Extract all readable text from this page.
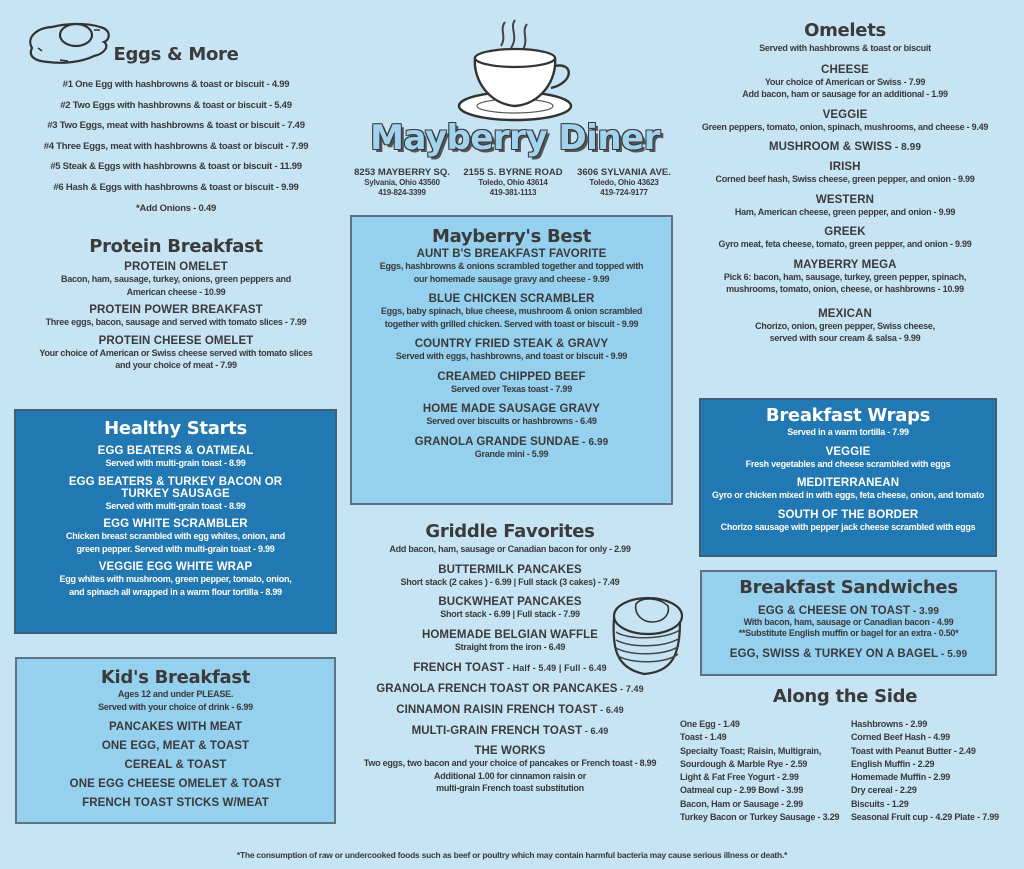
Eggs & More
#1 One Egg with hashbrowns & toast or biscuit - 4.99
#2 Two Eggs with hashbrowns & toast or biscuit - 5.49
#3 Two Eggs, meat with hashbrowns & toast or biscuit - 7.49
#4 Three Eggs, meat with hashbrowns & toast or biscuit - 7.99
#5 Steak & Eggs with hashbrowns & toast or biscuit - 11.99
#6 Hash & Eggs with hashbrowns & toast or biscuit - 9.99
*Add Onions - 0.49
Protein Breakfast
PROTEIN OMELET
Bacon, ham, sausage, turkey, onions, green peppers and
American cheese - 10.99
PROTEIN POWER BREAKFAST
Three eggs, bacon, sausage and served with tomato slices - 7.99
PROTEIN CHEESE OMELET
Your choice of American or Swiss cheese served with tomato slices
and your choice of meat - 7.99
Healthy Starts
EGG BEATERS & OATMEAL
Served with multi-grain toast - 8.99
EGG BEATERS & TURKEY BACON OR
TURKEY SAUSAGE
Served with multi-grain toast - 8.99
EGG WHITE SCRAMBLER
Chicken breast scrambled with egg whites, onion, and
green pepper. Served with multi-grain toast - 9.99
VEGGIE EGG WHITE WRAP
Egg whites with mushroom, green pepper, tomato, onion,
and spinach all wrapped in a warm flour tortilla - 8.99
Kid's Breakfast
Ages 12 and under PLEASE.
Served with your choice of drink - 6.99
PANCAKES WITH MEAT
ONE EGG, MEAT & TOAST
CEREAL & TOAST
ONE EGG CHEESE OMELET & TOAST
FRENCH TOAST STICKS W/MEAT
Mayberry Diner
8253 MAYBERRY SQ.
Sylvania, Ohio 43560
419-824-3399
2155 S. BYRNE ROAD
Toledo, Ohio 43614
419-381-1113
3606 SYLVANIA AVE.
Toledo, Ohio 43623
419-724-9177
Mayberry's Best
AUNT B'S BREAKFAST FAVORITE
Eggs, hashbrowns & onions scrambled together and topped with
our homemade sausage gravy and cheese - 9.99
BLUE CHICKEN SCRAMBLER
Eggs, baby spinach, blue cheese, mushroom & onion scrambled
together with grilled chicken. Served with toast or biscuit - 9.99
COUNTRY FRIED STEAK & GRAVY
Served with eggs, hashbrowns, and toast or biscuit - 9.99
CREAMED CHIPPED BEEF
Served over Texas toast - 7.99
HOME MADE SAUSAGE GRAVY
Served over biscuits or hashbrowns - 6.49
GRANOLA GRANDE SUNDAE - 6.99
Grande mini - 5.99
Griddle Favorites
Add bacon, ham, sausage or Canadian bacon for only - 2.99
BUTTERMILK PANCAKES
Short stack (2 cakes ) - 6.99 | Full stack (3 cakes) - 7.49
BUCKWHEAT PANCAKES
Short stack - 6.99 | Full stack - 7.99
HOMEMADE BELGIAN WAFFLE
Straight from the iron - 6.49
FRENCH TOAST - Half - 5.49 | Full - 6.49
GRANOLA FRENCH TOAST OR PANCAKES - 7.49
CINNAMON RAISIN FRENCH TOAST - 6.49
MULTI-GRAIN FRENCH TOAST - 6.49
THE WORKS
Two eggs, two bacon and your choice of pancakes or French toast - 8.99
Additional 1.00 for cinnamon raisin or
multi-grain French toast substitution
Omelets
Served with hashbrowns & toast or biscuit
CHEESE
Your choice of American or Swiss - 7.99
Add bacon, ham or sausage for an additional - 1.99
VEGGIE
Green peppers, tomato, onion, spinach, mushrooms, and cheese - 9.49
MUSHROOM & SWISS - 8.99
IRISH
Corned beef hash, Swiss cheese, green pepper, and onion - 9.99
WESTERN
Ham, American cheese, green pepper, and onion - 9.99
GREEK
Gyro meat, feta cheese, tomato, green pepper, and onion - 9.99
MAYBERRY MEGA
Pick 6: bacon, ham, sausage, turkey, green pepper, spinach,
mushrooms, tomato, onion, cheese, or hashbrowns - 10.99
MEXICAN
Chorizo, onion, green pepper, Swiss cheese,
served with sour cream & salsa - 9.99
Breakfast Wraps
Served in a warm tortilla - 7.99
VEGGIE
Fresh vegetables and cheese scrambled with eggs
MEDITERRANEAN
Gyro or chicken mixed in with eggs, feta cheese, onion, and tomato
SOUTH OF THE BORDER
Chorizo sausage with pepper jack cheese scrambled with eggs
Breakfast Sandwiches
EGG & CHEESE ON TOAST - 3.99
With bacon, ham, sausage or Canadian bacon - 4.99
**Substitute English muffin or bagel for an extra - 0.50*
EGG, SWISS & TURKEY ON A BAGEL - 5.99
Along the Side
One Egg - 1.49
Toast - 1.49
Specialty Toast; Raisin, Multigrain,
Sourdough & Marble Rye - 2.59
Light & Fat Free Yogurt - 2.99
Oatmeal cup - 2.99 Bowl - 3.99
Bacon, Ham or Sausage - 2.99
Turkey Bacon or Turkey Sausage - 3.29
Hashbrowns - 2.99
Corned Beef Hash - 4.99
Toast with Peanut Butter - 2.49
English Muffin - 2.29
Homemade Muffin - 2.99
Dry cereal - 2.29
Biscuits - 1.29
Seasonal Fruit cup - 4.29 Plate - 7.99
*The consumption of raw or undercooked foods such as beef or poultry which may contain harmful bacteria may cause serious illness or death.*
